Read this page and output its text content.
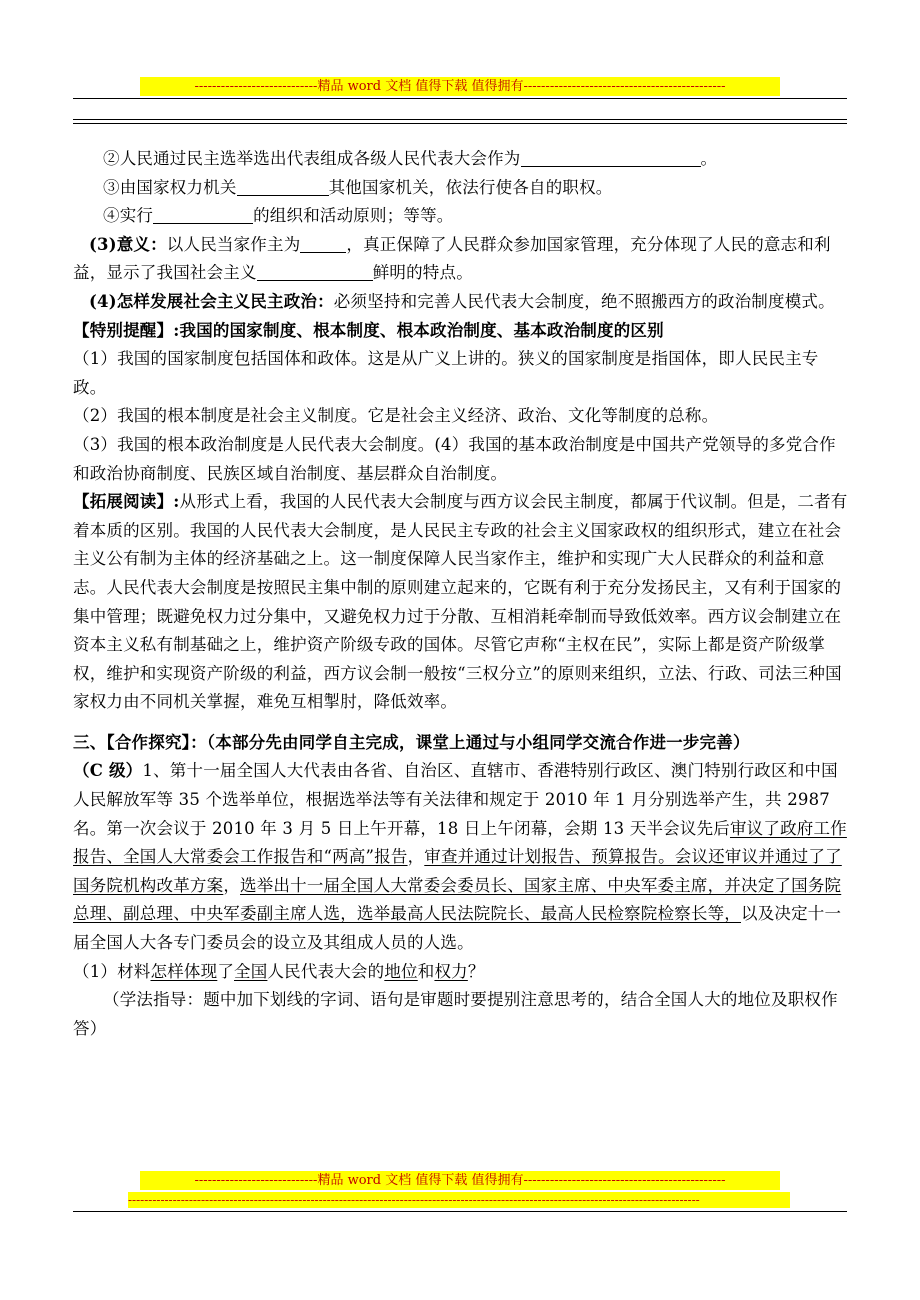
----------------------------精品 word 文档 值得下载 值得拥有----------------------------------------------

②人民通过民主选举选出代表组成各级人民代表大会作为	。

③由国家权力机关	其他国家机关，依法行使各自的职权。

④实行	的组织和活动原则；等等。

(3)意义：以人民当家作主为	，真正保障了人民群众参加国家管理，充分体现了人民的意志和利益，显示了我国社会主义	鲜明的特点。

(4)怎样发展社会主义民主政治：必须坚持和完善人民代表大会制度，绝不照搬西方的政治制度模式。

【特别提醒】:我国的国家制度、根本制度、根本政治制度、基本政治制度的区别

（1）我国的国家制度包括国体和政体。这是从广义上讲的。狭义的国家制度是指国体，即人民民主专政。

（2）我国的根本制度是社会主义制度。它是社会主义经济、政治、文化等制度的总称。

（3）我国的根本政治制度是人民代表大会制度。(4）我国的基本政治制度是中国共产党领导的多党合作和政治协商制度、民族区域自治制度、基层群众自治制度。

【拓展阅读】:从形式上看，我国的人民代表大会制度与西方议会民主制度，都属于代议制。但是，二者有着本质的区别。我国的人民代表大会制度，是人民民主专政的社会主义国家政权的组织形式，建立在社会主义公有制为主体的经济基础之上。这一制度保障人民当家作主，维护和实现广大人民群众的利益和意志。人民代表大会制度是按照民主集中制的原则建立起来的，它既有利于充分发扬民主，又有利于国家的集中管理；既避免权力过分集中，又避免权力过于分散、互相消耗牵制而导致低效率。西方议会制建立在资本主义私有制基础之上，维护资产阶级专政的国体。尽管它声称“主权在民”，实际上都是资产阶级掌权，维护和实现资产阶级的利益，西方议会制一般按“三权分立”的原则来组织，立法、行政、司法三种国家权力由不同机关掌握，难免互相掣肘，降低效率。

三、【合作探究】：（本部分先由同学自主完成，课堂上通过与小组同学交流合作进一步完善）

（C 级）1、第十一届全国人大代表由各省、自治区、直辖市、香港特别行政区、澳门特别行政区和中国人民解放军等 35 个选举单位，根据选举法等有关法律和规定于 2010 年 1 月分别选举产生，共 2987 名。第一次会议于 2010 年 3 月 5 日上午开幕，18 日上午闭幕，会期 13 天半会议先后审议了政府工作报告、全国人大常委会工作报告和“两高”报告，审查并通过计划报告、预算报告。会议还审议并通过了了国务院机构改革方案，选举出十一届全国人大常委会委员长、国家主席、中央军委主席，并决定了国务院总理、副总理、中央军委副主席人选，选举最高人民法院院长、最高人民检察院检察长等，以及决定十一届全国人大各专门委员会的设立及其组成人员的人选。

（1）材料怎样体现了全国人民代表大会的地位和权力？

（学法指导：题中加下划线的字词、语句是审题时要提别注意思考的，结合全国人大的地位及职权作答）

----------------------------精品 word 文档 值得下载 值得拥有----------------------------------------------
---------------------------------------------------------------------------------------------------------------------------------------------
